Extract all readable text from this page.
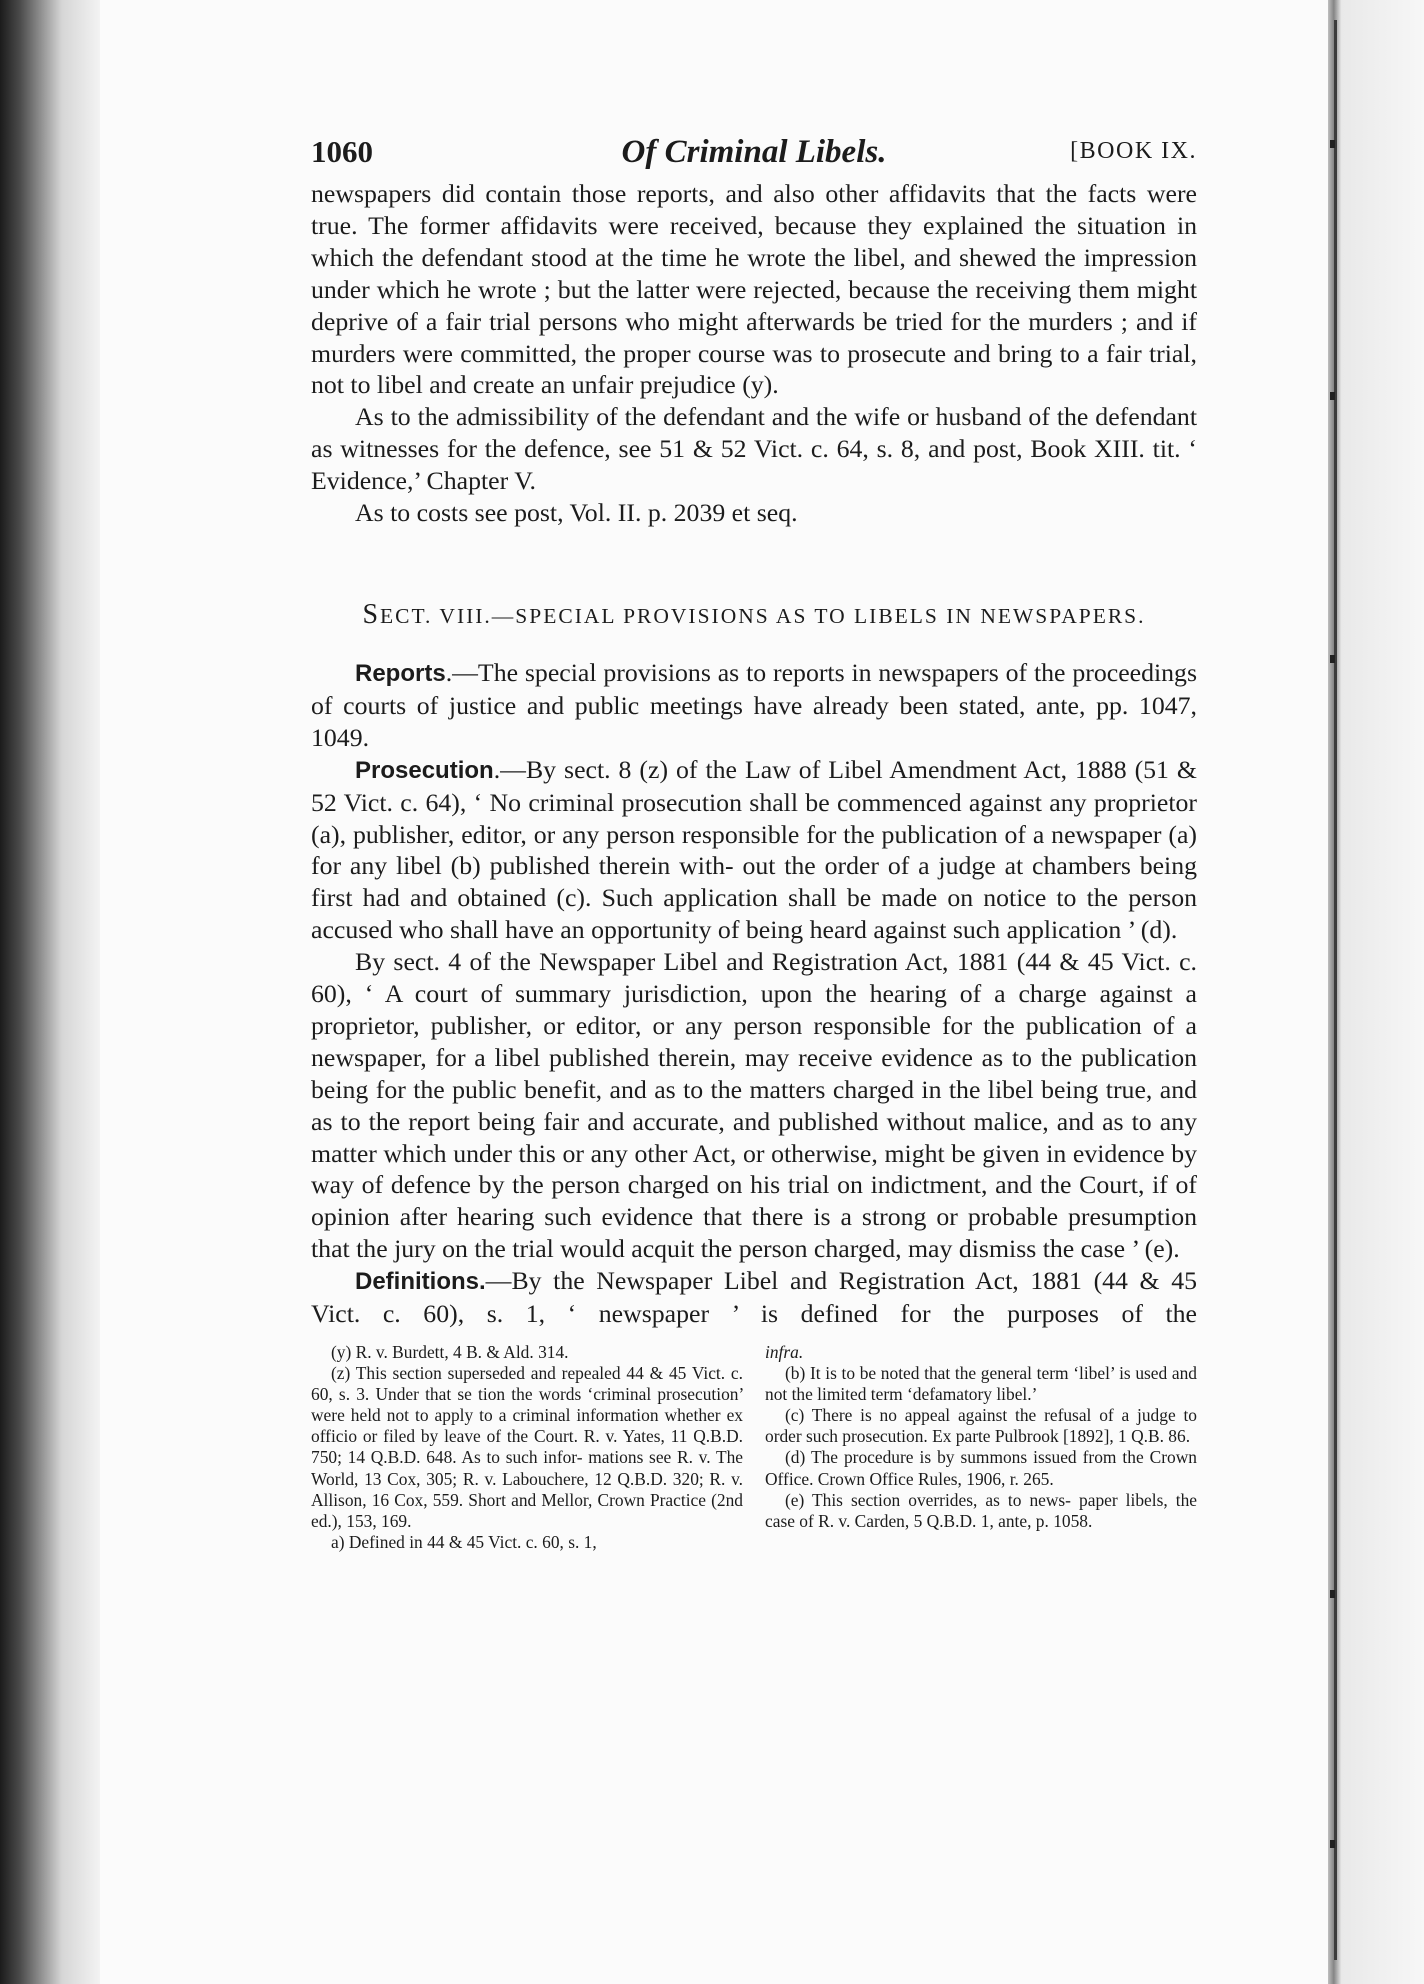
1060	Of Criminal Libels.	[BOOK IX.

newspapers did contain those reports, and also other affidavits that the facts were true. The former affidavits were received, because they explained the situation in which the defendant stood at the time he wrote the libel, and shewed the impression under which he wrote ; but the latter were rejected, because the receiving them might deprive of a fair trial persons who might afterwards be tried for the murders ; and if murders were committed, the proper course was to prosecute and bring to a fair trial, not to libel and create an unfair prejudice (y).

As to the admissibility of the defendant and the wife or husband of the defendant as witnesses for the defence, see 51 & 52 Vict. c. 64, s. 8, and post, Book XIII. tit. ‘ Evidence,’ Chapter V.

As to costs see post, Vol. II. p. 2039 et seq.

SECT. VIII.—SPECIAL PROVISIONS AS TO LIBELS IN NEWSPAPERS.

Reports.—The special provisions as to reports in newspapers of the proceedings of courts of justice and public meetings have already been stated, ante, pp. 1047, 1049.

Prosecution.—By sect. 8 (z) of the Law of Libel Amendment Act, 1888 (51 & 52 Vict. c. 64), ‘ No criminal prosecution shall be commenced against any proprietor (a), publisher, editor, or any person responsible for the publication of a newspaper (a) for any libel (b) published therein with- out the order of a judge at chambers being first had and obtained (c). Such application shall be made on notice to the person accused who shall have an opportunity of being heard against such application ’ (d).

By sect. 4 of the Newspaper Libel and Registration Act, 1881 (44 & 45 Vict. c. 60), ‘ A court of summary jurisdiction, upon the hearing of a charge against a proprietor, publisher, or editor, or any person responsible for the publication of a newspaper, for a libel published therein, may receive evidence as to the publication being for the public benefit, and as to the matters charged in the libel being true, and as to the report being fair and accurate, and published without malice, and as to any matter which under this or any other Act, or otherwise, might be given in evidence by way of defence by the person charged on his trial on indictment, and the Court, if of opinion after hearing such evidence that there is a strong or probable presumption that the jury on the trial would acquit the person charged, may dismiss the case ’ (e).

Definitions.—By the Newspaper Libel and Registration Act, 1881 (44 & 45 Vict. c. 60), s. 1, ‘ newspaper ’ is defined for the purposes of the

(y) R. v. Burdett, 4 B. & Ald. 314.

(z) This section superseded and repealed 44 & 45 Vict. c. 60, s. 3. Under that se tion the words ‘criminal prosecution’ were held not to apply to a criminal information whether ex officio or filed by leave of the Court. R. v. Yates, 11 Q.B.D. 750; 14 Q.B.D. 648. As to such infor- mations see R. v. The World, 13 Cox, 305; R. v. Labouchere, 12 Q.B.D. 320; R. v. Allison, 16 Cox, 559. Short and Mellor, Crown Practice (2nd ed.), 153, 169.

a) Defined in 44 & 45 Vict. c. 60, s. 1,

infra.

(b) It is to be noted that the general term ‘libel’ is used and not the limited term ‘defamatory libel.’

(c) There is no appeal against the refusal of a judge to order such prosecution. Ex parte Pulbrook [1892], 1 Q.B. 86.

(d) The procedure is by summons issued from the Crown Office. Crown Office Rules, 1906, r. 265.

(e) This section overrides, as to news- paper libels, the case of R. v. Carden, 5 Q.B.D. 1, ante, p. 1058.
